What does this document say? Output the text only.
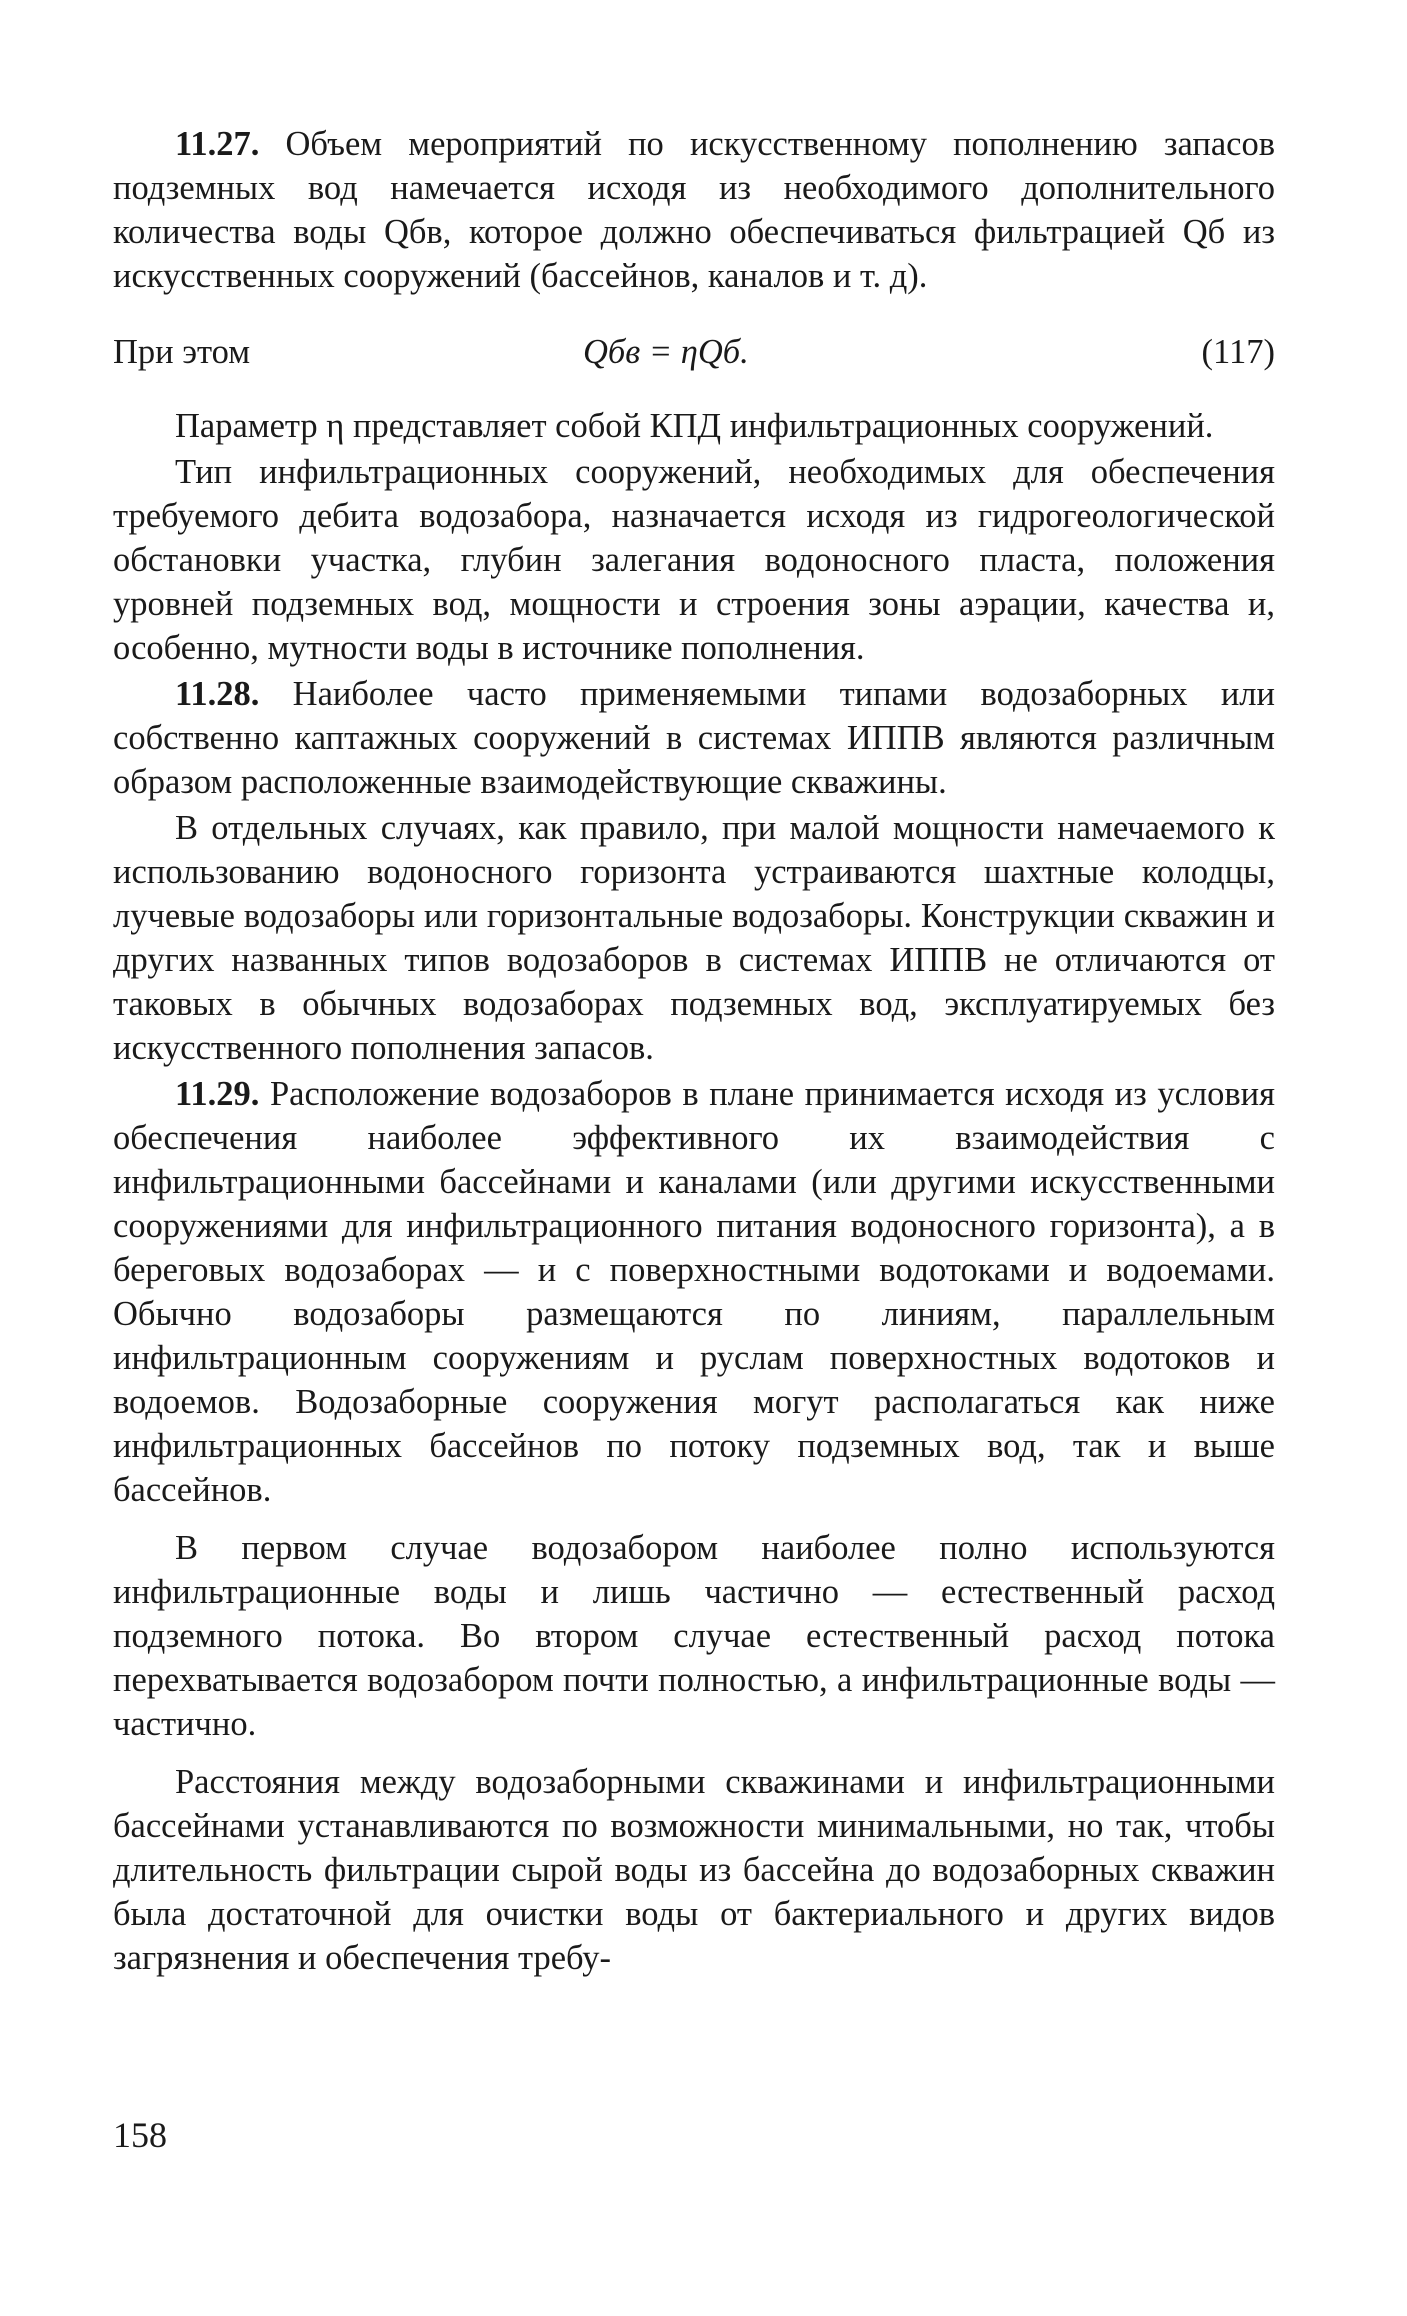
11.27. Объем мероприятий по искусственному пополнению запасов подземных вод намечается исходя из необходимого дополнительного количества воды Qбв, которое должно обеспечиваться фильтрацией Qб из искусственных сооружений (бассейнов, каналов и т. д).

При этом	Qбв = ηQб.	(117)

Параметр η представляет собой КПД инфильтрационных сооружений.

Тип инфильтрационных сооружений, необходимых для обеспечения требуемого дебита водозабора, назначается исходя из гидрогеологической обстановки участка, глубин залегания водоносного пласта, положения уровней подземных вод, мощности и строения зоны аэрации, качества и, особенно, мутности воды в источнике пополнения.

11.28. Наиболее часто применяемыми типами водозаборных или собственно каптажных сооружений в системах ИППВ являются различным образом расположенные взаимодействующие скважины.

В отдельных случаях, как правило, при малой мощности намечаемого к использованию водоносного горизонта устраиваются шахтные колодцы, лучевые водозаборы или горизонтальные водозаборы. Конструкции скважин и других названных типов водозаборов в системах ИППВ не отличаются от таковых в обычных водозаборах подземных вод, эксплуатируемых без искусственного пополнения запасов.

11.29. Расположение водозаборов в плане принимается исходя из условия обеспечения наиболее эффективного их взаимодействия с инфильтрационными бассейнами и каналами (или другими искусственными сооружениями для инфильтрационного питания водоносного горизонта), а в береговых водозаборах — и с поверхностными водотоками и водоемами. Обычно водозаборы размещаются по линиям, параллельным инфильтрационным сооружениям и руслам поверхностных водотоков и водоемов. Водозаборные сооружения могут располагаться как ниже инфильтрационных бассейнов по потоку подземных вод, так и выше бассейнов.

В первом случае водозабором наиболее полно используются инфильтрационные воды и лишь частично — естественный расход подземного потока. Во втором случае естественный расход потока перехватывается водозабором почти полностью, а инфильтрационные воды — частично.

Расстояния между водозаборными скважинами и инфильтрационными бассейнами устанавливаются по возможности минимальными, но так, чтобы длительность фильтрации сырой воды из бассейна до водозаборных скважин была достаточной для очистки воды от бактериального и других видов загрязнения и обеспечения требу-

158
